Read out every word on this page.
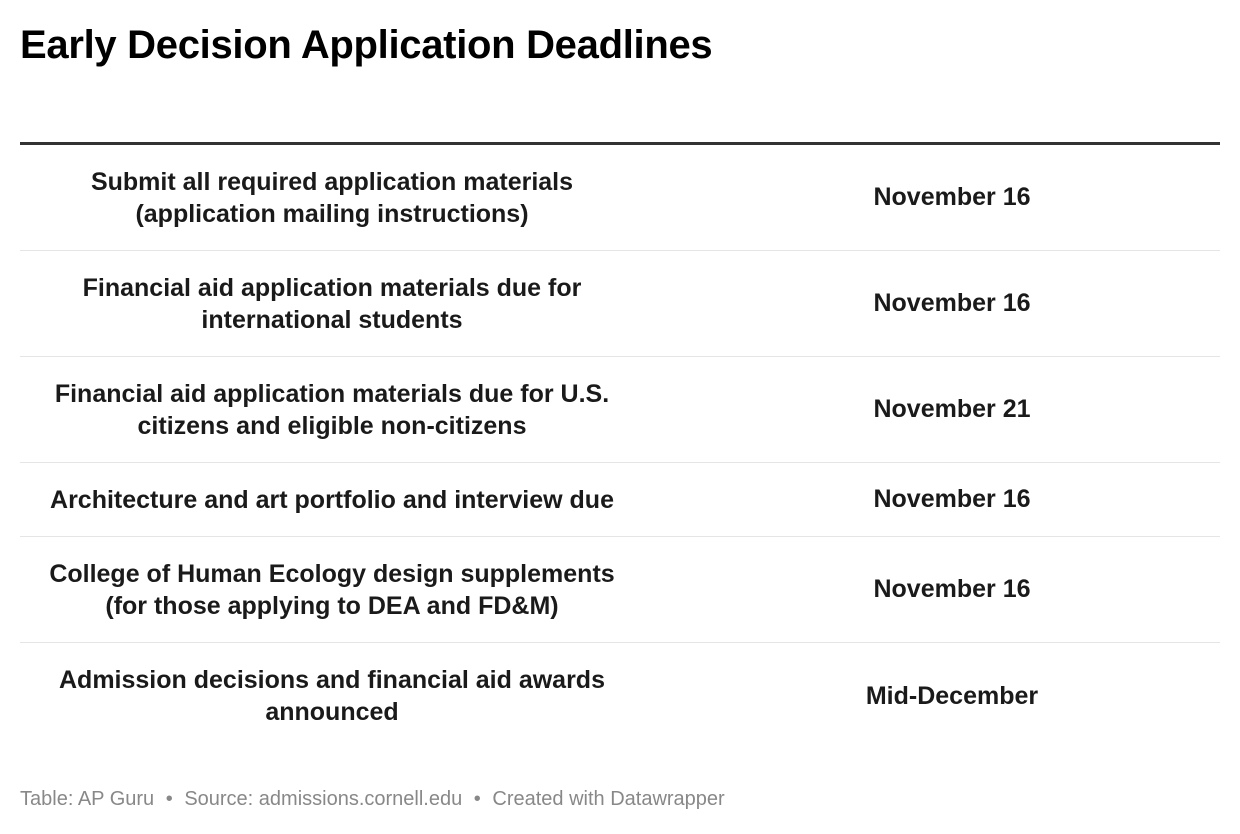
Early Decision Application Deadlines
Submit all required application materials
(application mailing instructions)
November 16
Financial aid application materials due for
international students
November 16
Financial aid application materials due for U.S.
citizens and eligible non-citizens
November 21
Architecture and art portfolio and interview due	November 16
College of Human Ecology design supplements
(for those applying to DEA and FD&M)
November 16
Admission decisions and financial aid awards
announced
Mid-December
Table: AP Guru • Source: admissions.cornell.edu • Created with Datawrapper
